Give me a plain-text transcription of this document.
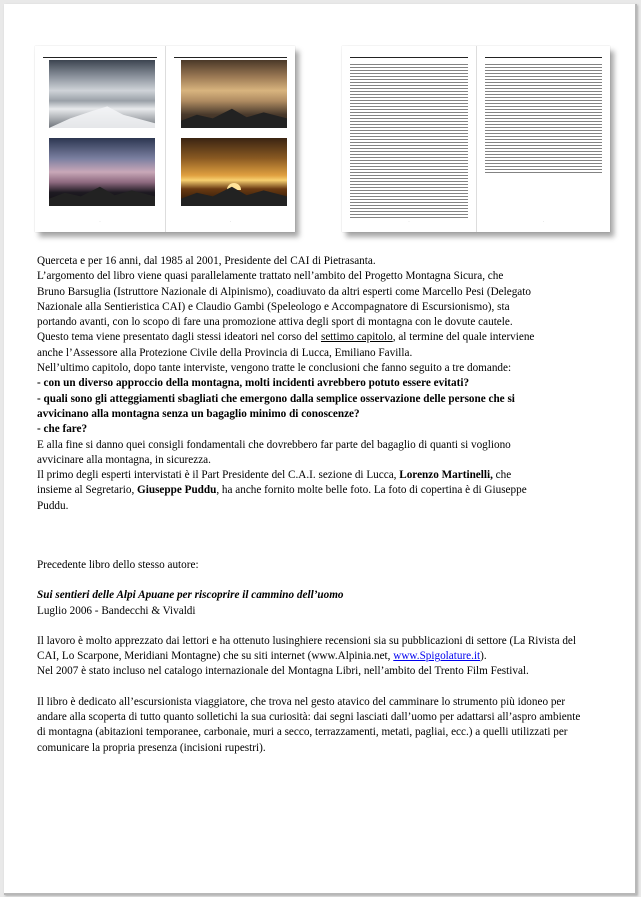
·	·	·	·

Querceta e per 16 anni, dal 1985 al 2001, Presidente del CAI di Pietrasanta.

L’argomento del libro viene quasi parallelamente trattato nell’ambito del Progetto Montagna Sicura, che

Bruno Barsuglia (Istruttore Nazionale di Alpinismo), coadiuvato da altri esperti come Marcello Pesi (Delegato

Nazionale alla Sentieristica CAI) e Claudio Gambi (Speleologo e Accompagnatore di Escursionismo), sta

portando avanti, con lo scopo di fare una promozione attiva degli sport di montagna con le dovute cautele.

Questo tema viene presentato dagli stessi ideatori nel corso del settimo capitolo, al termine del quale interviene

anche l’Assessore alla Protezione Civile della Provincia di Lucca, Emiliano Favilla.

Nell’ultimo capitolo, dopo tante interviste, vengono tratte le conclusioni che fanno seguito a tre domande:

- con un diverso approccio della montagna, molti incidenti avrebbero potuto essere evitati?

- quali sono gli atteggiamenti sbagliati che emergono dalla semplice osservazione delle persone che si

avvicinano alla montagna senza un bagaglio minimo di conoscenze?

- che fare?

E alla fine si danno quei consigli fondamentali che dovrebbero far parte del bagaglio di quanti si vogliono

avvicinare alla montagna, in sicurezza.

Il primo degli esperti intervistati è il Part Presidente del C.A.I. sezione di Lucca, Lorenzo Martinelli, che

insieme al Segretario, Giuseppe Puddu, ha anche fornito molte belle foto. La foto di copertina è di Giuseppe

Puddu.

Precedente libro dello stesso autore:

Sui sentieri delle Alpi Apuane per riscoprire il cammino dell’uomo

Luglio 2006 - Bandecchi & Vivaldi

Il lavoro è molto apprezzato dai lettori e ha ottenuto lusinghiere recensioni sia su pubblicazioni di settore (La Rivista del

CAI, Lo Scarpone, Meridiani Montagne) che su siti internet (www.Alpinia.net, www.Spigolature.it).

Nel 2007 è stato incluso nel catalogo internazionale del Montagna Libri, nell’ambito del Trento Film Festival.

Il libro è dedicato all’escursionista viaggiatore, che trova nel gesto atavico del camminare lo strumento più idoneo per

andare alla scoperta di tutto quanto solletichi la sua curiosità: dai segni lasciati dall’uomo per adattarsi all’aspro ambiente

di montagna (abitazioni temporanee, carbonaie, muri a secco, terrazzamenti, metati, pagliai, ecc.) a quelli utilizzati per

comunicare la propria presenza (incisioni rupestri).
